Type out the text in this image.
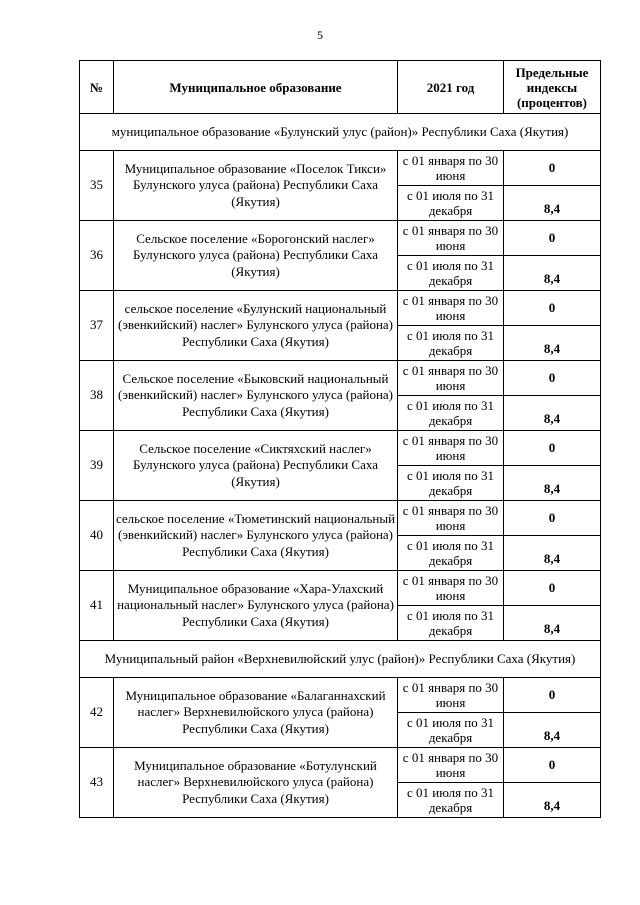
5
№	Муниципальное образование	2021 год	Предельные индексы (процентов)
муниципальное образование «Булунский улус (район)» Республики Саха (Якутия)			
35	Муниципальное образование «Поселок Тикси» Булунского улуса (района) Республики Саха (Якутия)	с 01 января по 30 июня	0
		с 01 июля по 31 декабря	8,4
36	Сельское поселение «Борогонский наслег» Булунского улуса (района) Республики Саха (Якутия)	с 01 января по 30 июня	0
		с 01 июля по 31 декабря	8,4
37	сельское поселение «Булунский национальный (эвенкийский) наслег» Булунского улуса (района) Республики Саха (Якутия)	с 01 января по 30 июня	0
		с 01 июля по 31 декабря	8,4
38	Сельское поселение «Быковский национальный (эвенкийский) наслег» Булунского улуса (района) Республики Саха (Якутия)	с 01 января по 30 июня	0
		с 01 июля по 31 декабря	8,4
39	Сельское поселение «Сиктяхский наслег» Булунского улуса (района) Республики Саха (Якутия)	с 01 января по 30 июня	0
		с 01 июля по 31 декабря	8,4
40	сельское поселение «Тюметинский национальный (эвенкийский) наслег» Булунского улуса (района) Республики Саха (Якутия)	с 01 января по 30 июня	0
		с 01 июля по 31 декабря	8,4
41	Муниципальное образование «Хара-Улахский национальный наслег» Булунского улуса (района) Республики Саха (Якутия)	с 01 января по 30 июня	0
		с 01 июля по 31 декабря	8,4
Муниципальный район «Верхневилюйский улус (район)» Республики Саха (Якутия)			
42	Муниципальное образование «Балаганнахский наслег» Верхневилюйского улуса (района) Республики Саха (Якутия)	с 01 января по 30 июня	0
		с 01 июля по 31 декабря	8,4
43	Муниципальное образование «Ботулунский наслег» Верхневилюйского улуса (района) Республики Саха (Якутия)	с 01 января по 30 июня	0
		с 01 июля по 31 декабря	8,4
